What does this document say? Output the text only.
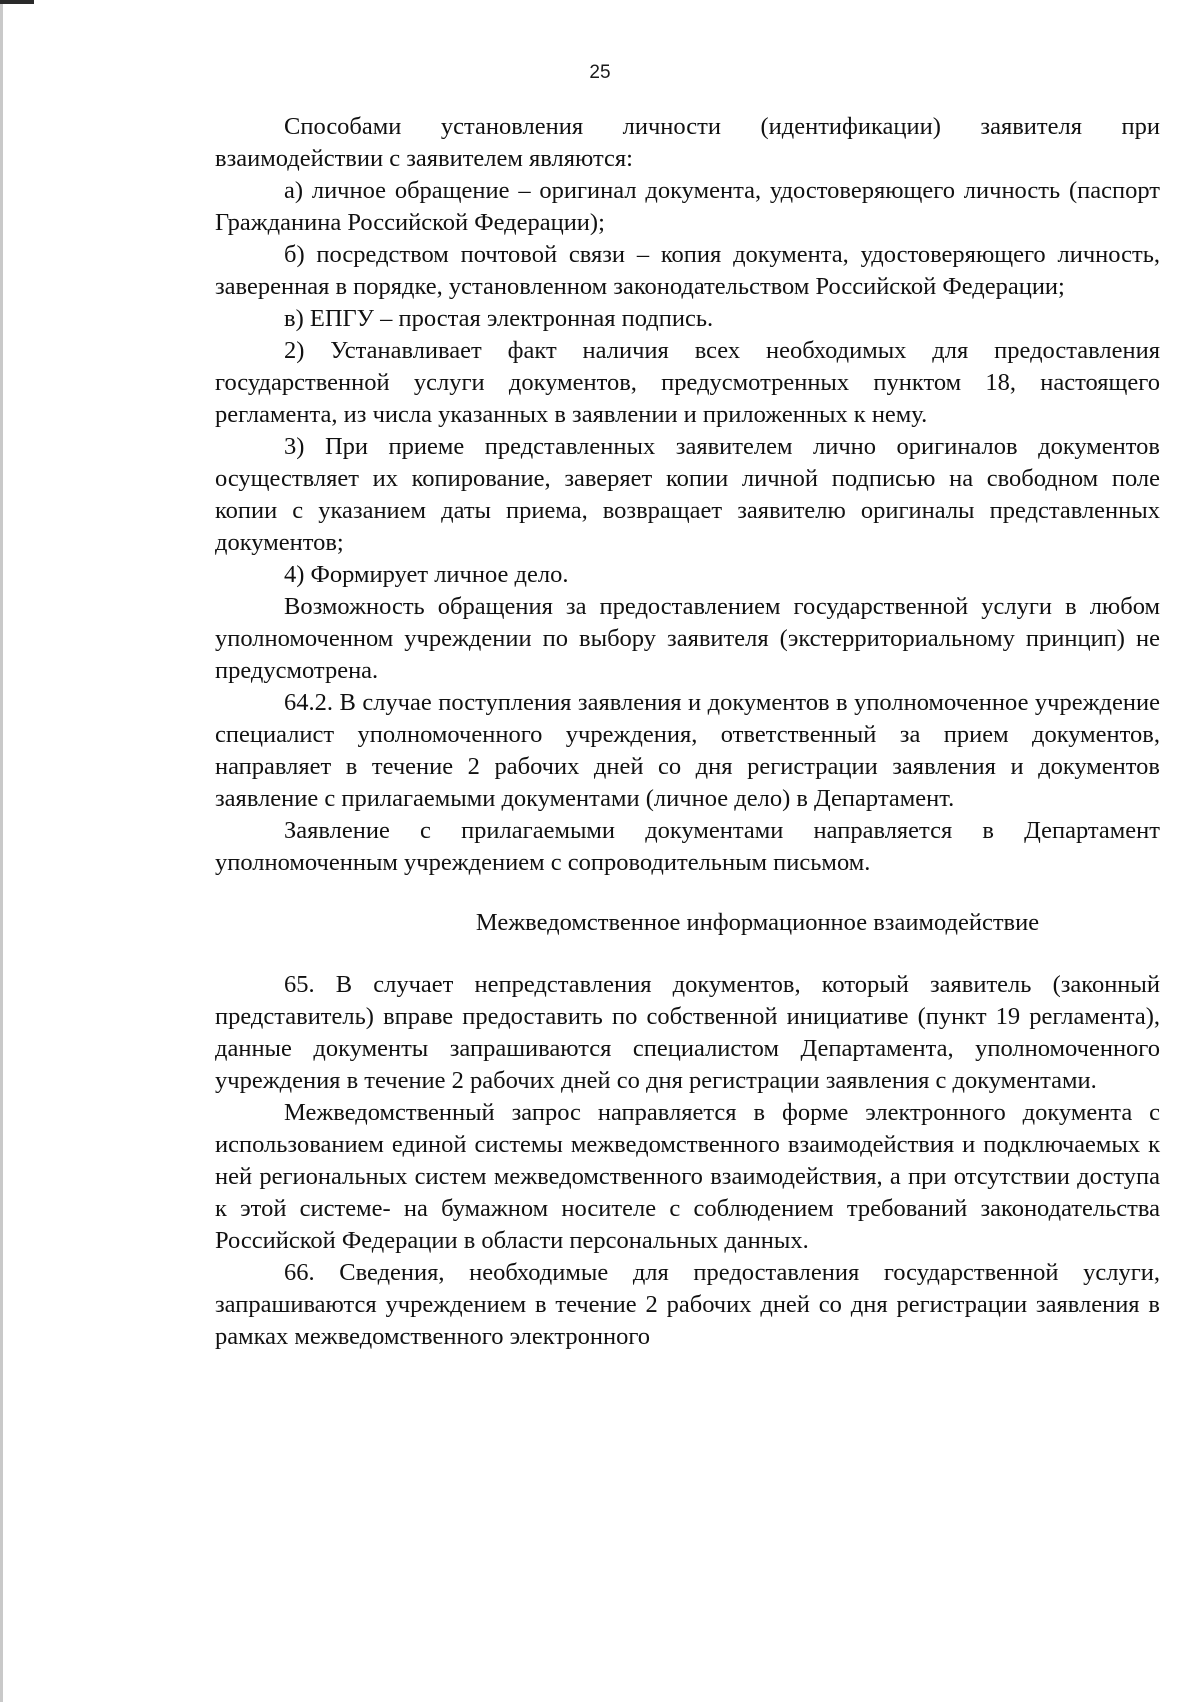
25

Способами установления личности (идентификации) заявителя при взаимодействии с заявителем являются:

а) личное обращение – оригинал документа, удостоверяющего личность (паспорт Гражданина Российской Федерации);

б) посредством почтовой связи – копия документа, удостоверяющего личность, заверенная в порядке, установленном законодательством Российской Федерации;

в) ЕПГУ – простая электронная подпись.

2) Устанавливает факт наличия всех необходимых для предоставления государственной услуги документов, предусмотренных пунктом 18, настоящего регламента, из числа указанных в заявлении и приложенных к нему.

3) При приеме представленных заявителем лично оригиналов документов осуществляет их копирование, заверяет копии личной подписью на свободном поле копии с указанием даты приема, возвращает заявителю оригиналы представленных документов;

4) Формирует личное дело.

Возможность обращения за предоставлением государственной услуги в любом уполномоченном учреждении по выбору заявителя (экстерриториальному принцип) не предусмотрена.

64.2. В случае поступления заявления и документов в уполномоченное учреждение специалист уполномоченного учреждения, ответственный за прием документов, направляет в течение 2 рабочих дней со дня регистрации заявления и документов заявление с прилагаемыми документами (личное дело) в Департамент.

Заявление с прилагаемыми документами направляется в Департамент уполномоченным учреждением с сопроводительным письмом.

Межведомственное информационное взаимодействие

65. В случает непредставления документов, который заявитель (законный представитель) вправе предоставить по собственной инициативе (пункт 19 регламента), данные документы запрашиваются специалистом Департамента, уполномоченного учреждения в течение 2 рабочих дней со дня регистрации заявления с документами.

Межведомственный запрос направляется в форме электронного документа с использованием единой системы межведомственного взаимодействия и подключаемых к ней региональных систем межведомственного взаимодействия, а при отсутствии доступа к этой системе- на бумажном носителе с соблюдением требований законодательства Российской Федерации в области персональных данных.

66. Сведения, необходимые для предоставления государственной услуги, запрашиваются учреждением в течение 2 рабочих дней со дня регистрации заявления в рамках межведомственного электронного
